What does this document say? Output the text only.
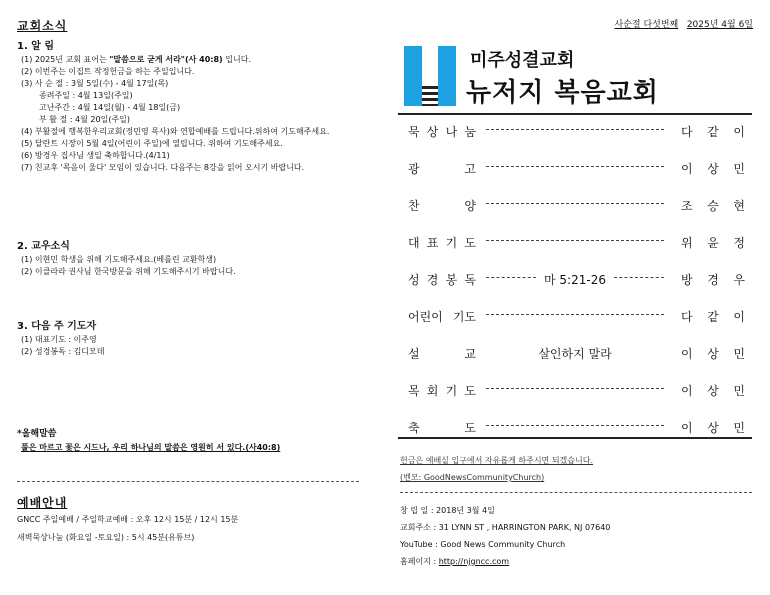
교회소식
1. 알 림
(1) 2025년 교회 표어는 "말씀으로 굳게 서라"(사 40:8) 입니다.
(2) 이번주는 이집트 작정헌금을 하는 주일입니다.
(3) 사 순 절 : 3월 5일(수) - 4월 17일(목)
종려주일 : 4월 13일(주일)
고난주간 : 4월 14일(월) - 4월 18일(금)
부 활 절 : 4월 20일(주일)
(4) 부활절에 행복한우리교회(정민영 목사)와 연합예배를 드립니다.위하여 기도해주세요.
(5) 달란트 시장이 5월 4일(어린이 주일)에 열립니다. 위하여 기도해주세요.
(6) 방경우 집사님 생일 축하합니다.(4/11)
(7) 친교후 '목음이 울다' 모임이 있습니다. 다음주는 8강을 읽어 오시기 바랍니다.
2. 교우소식
(1) 이현민 학생을 위해 기도해주세요.(베를린 교환학생)
(2) 이클라라 권사님 한국방문을 위해 기도해주시기 바랍니다.
3. 다음 주 기도자
(1) 대표기도 : 이주영
(2) 성경봉독 : 김디모데
*올해말씀
풀은 마르고 꽃은 시드나, 우리 하나님의 말씀은 영원히 서 있다.(사40:8)
예배안내
GNCC 주일예배 / 주일학교예배 : 오후 12시 15분 / 12시 15분
새벽묵상나눔 (화요일 -토요일) : 5시 45분(유튜브)
사순절 다섯번째 2025년 4월 6일
미주성결교회
뉴저지 복음교회
묵 상 나 눔	다 같 이
광	고	이 상 민
찬	양	조 승 현
대 표 기 도	위 윤 정
성 경 봉 독	마 5:21-26	방 경 우
어린이 기도	다 같 이
설	교	살인하지 말라	이 상 민
목 회 기 도	이 상 민
축	도	이 상 민
헌금은 예배실 입구에서 자유롭게 하주시면 되겠습니다.
(벤모: GoodNewsCommunityChurch)
창 립 일 : 2018년 3월 4일
교회주소 : 31 LYNN ST , HARRINGTON PARK, NJ 07640
YouTube : Good News Community Church
홈페이지 : http://njgncc.com
